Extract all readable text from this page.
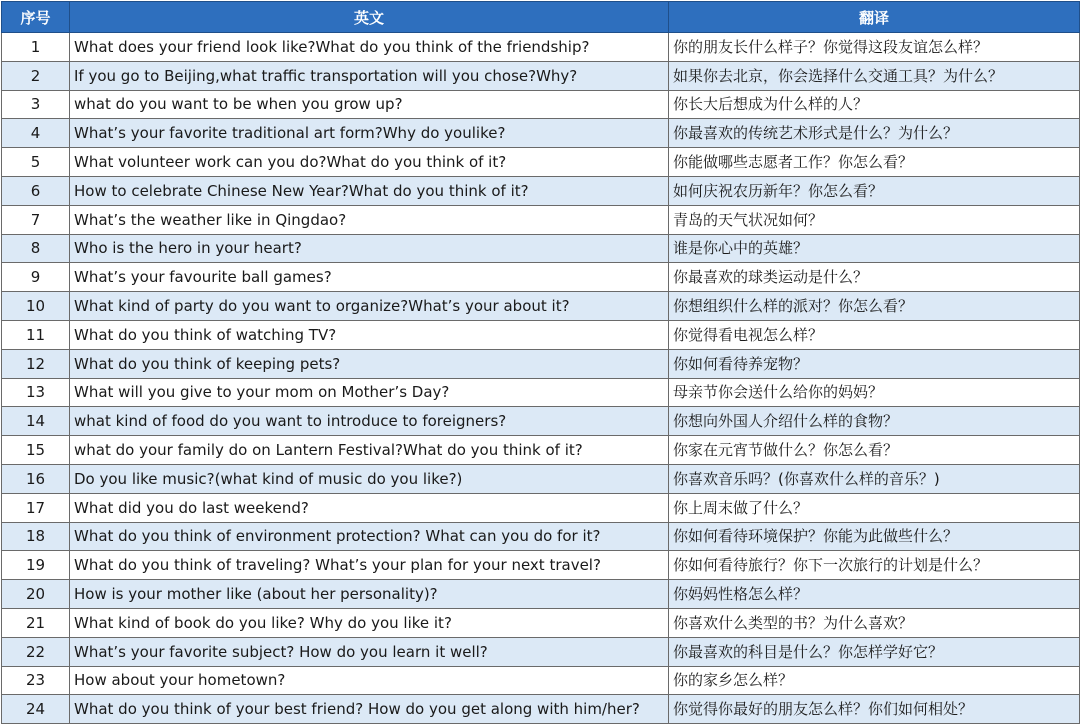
序号	英文	翻译
1	What does your friend look like?What do you think of the friendship?	你的朋友长什么样子？你觉得这段友谊怎么样？
2	If you go to Beijing,what traffic transportation will you chose?Why?	如果你去北京，你会选择什么交通工具？为什么？
3	what do you want to be when you grow up?	你长大后想成为什么样的人？
4	What’s your favorite traditional art form?Why do youlike?	你最喜欢的传统艺术形式是什么？为什么？
5	What volunteer work can you do?What do you think of it?	你能做哪些志愿者工作？你怎么看？
6	How to celebrate Chinese New Year?What do you think of it?	如何庆祝农历新年？你怎么看？
7	What’s the weather like in Qingdao?	青岛的天气状况如何？
8	Who is the hero in your heart?	谁是你心中的英雄？
9	What’s your favourite ball games?	你最喜欢的球类运动是什么？
10	What kind of party do you want to organize?What’s your about it?	你想组织什么样的派对？你怎么看？
11	What do you think of watching TV?	你觉得看电视怎么样？
12	What do you think of keeping pets?	你如何看待养宠物？
13	What will you give to your mom on Mother’s Day?	母亲节你会送什么给你的妈妈？
14	what kind of food do you want to introduce to foreigners?	你想向外国人介绍什么样的食物？
15	what do your family do on Lantern Festival?What do you think of it?	你家在元宵节做什么？你怎么看？
16	Do you like music?(what kind of music do you like?)	你喜欢音乐吗？(你喜欢什么样的音乐？)
17	What did you do last weekend?	你上周末做了什么？
18	What do you think of environment protection? What can you do for it?	你如何看待环境保护？你能为此做些什么？
19	What do you think of traveling? What’s your plan for your next travel?	你如何看待旅行？你下一次旅行的计划是什么？
20	How is your mother like (about her personality)?	你妈妈性格怎么样？
21	What kind of book do you like? Why do you like it?	你喜欢什么类型的书？为什么喜欢？
22	What’s your favorite subject? How do you learn it well?	你最喜欢的科目是什么？你怎样学好它？
23	How about your hometown?	你的家乡怎么样？
24	What do you think of your best friend? How do you get along with him/her?	你觉得你最好的朋友怎么样？你们如何相处？
